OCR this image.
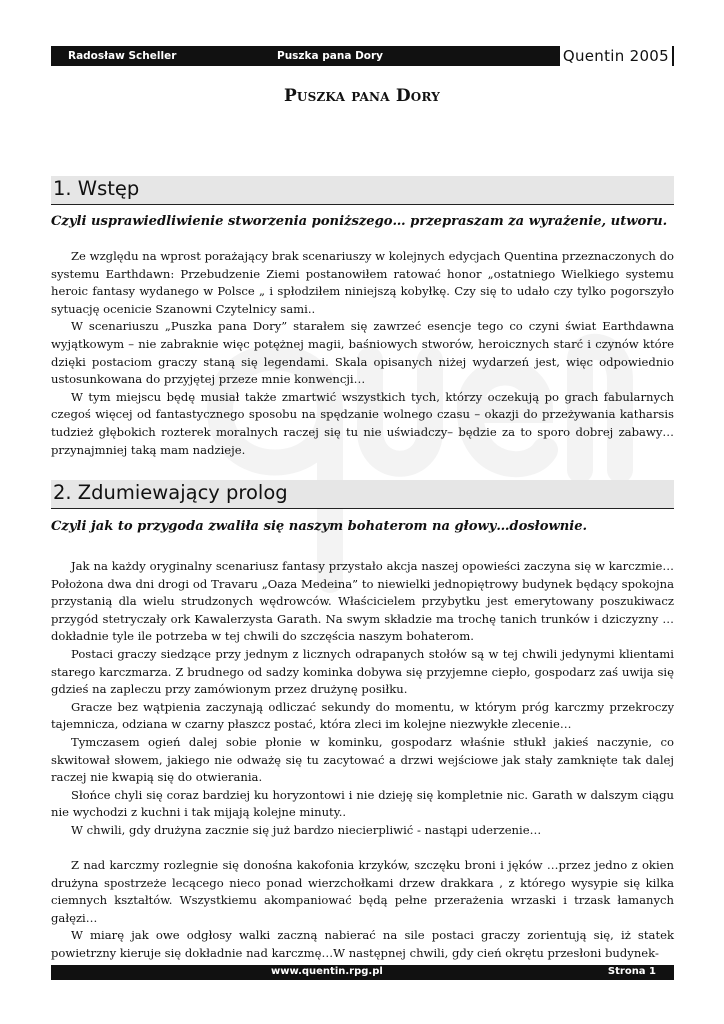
Radosław Scheller	Puszka pana Dory	Quentin 2005
Puszka pana Dory
1. Wstęp
Czyli usprawiedliwienie stworzenia poniższego… przepraszam za wyrażenie, utworu.

Ze względu na wprost porażający brak scenariuszy w kolejnych edycjach Quentina przeznaczonych do systemu Earthdawn: Przebudzenie Ziemi postanowiłem ratować honor „ostatniego Wielkiego systemu heroic fantasy wydanego w Polsce „ i spłodziłem niniejszą kobyłkę. Czy się to udało czy tylko pogorszyło sytuację ocenicie Szanowni Czytelnicy sami..

W scenariuszu „Puszka pana Dory” starałem się zawrzeć esencje tego co czyni świat Earthdawna wyjątkowym – nie zabraknie więc potężnej magii, baśniowych stworów, heroicznych starć i czynów które dzięki postaciom graczy staną się legendami. Skala opisanych niżej wydarzeń jest, więc odpowiednio ustosunkowana do przyjętej przeze mnie konwencji…

W tym miejscu będę musiał także zmartwić wszystkich tych, którzy oczekują po grach fabularnych czegoś więcej od fantastycznego sposobu na spędzanie wolnego czasu – okazji do przeżywania katharsis tudzież głębokich rozterek moralnych raczej się tu nie uświadczy– będzie za to sporo dobrej zabawy…przynajmniej taką mam nadzieje.

2. Zdumiewający prolog
Czyli jak to przygoda zwaliła się naszym bohaterom na głowy…dosłownie.

Jak na każdy oryginalny scenariusz fantasy przystało akcja naszej opowieści zaczyna się w karczmie… Położona dwa dni drogi od Travaru „Oaza Medeina” to niewielki jednopiętrowy budynek będący spokojna przystanią dla wielu strudzonych wędrowców. Właścicielem przybytku jest emerytowany poszukiwacz przygód stetryczały ork Kawalerzysta Garath. Na swym składzie ma trochę tanich trunków i dziczyzny …dokładnie tyle ile potrzeba w tej chwili do szczęścia naszym bohaterom.

Postaci graczy siedzące przy jednym z licznych odrapanych stołów są w tej chwili jedynymi klientami starego karczmarza. Z brudnego od sadzy kominka dobywa się przyjemne ciepło, gospodarz zaś uwija się gdzieś na zapleczu przy zamówionym przez drużynę posiłku.

Gracze bez wątpienia zaczynają odliczać sekundy do momentu, w którym próg karczmy przekroczy tajemnicza, odziana w czarny płaszcz postać, która zleci im kolejne niezwykłe zlecenie…

Tymczasem ogień dalej sobie płonie w kominku, gospodarz właśnie stłukł jakieś naczynie, co skwitował słowem, jakiego nie odważę się tu zacytować a drzwi wejściowe jak stały zamknięte tak dalej raczej nie kwapią się do otwierania.

Słońce chyli się coraz bardziej ku horyzontowi i nie dzieję się kompletnie nic. Garath w dalszym ciągu nie wychodzi z kuchni i tak mijają kolejne minuty..

W chwili, gdy drużyna zacznie się już bardzo niecierpliwić - nastąpi uderzenie…

Z nad karczmy rozlegnie się donośna kakofonia krzyków, szczęku broni i jęków …przez jedno z okien drużyna spostrzeże lecącego nieco ponad wierzchołkami drzew drakkara , z którego wysypie się kilka ciemnych kształtów. Wszystkiemu akompaniować będą pełne przerażenia wrzaski i trzask łamanych gałęzi…

W miarę jak owe odgłosy walki zaczną nabierać na sile postaci graczy zorientują się, iż statek powietrzny kieruje się dokładnie nad karczmę…W następnej chwili, gdy cień okrętu przesłoni budynek-

www.quentin.rpg.pl	Strona 1
